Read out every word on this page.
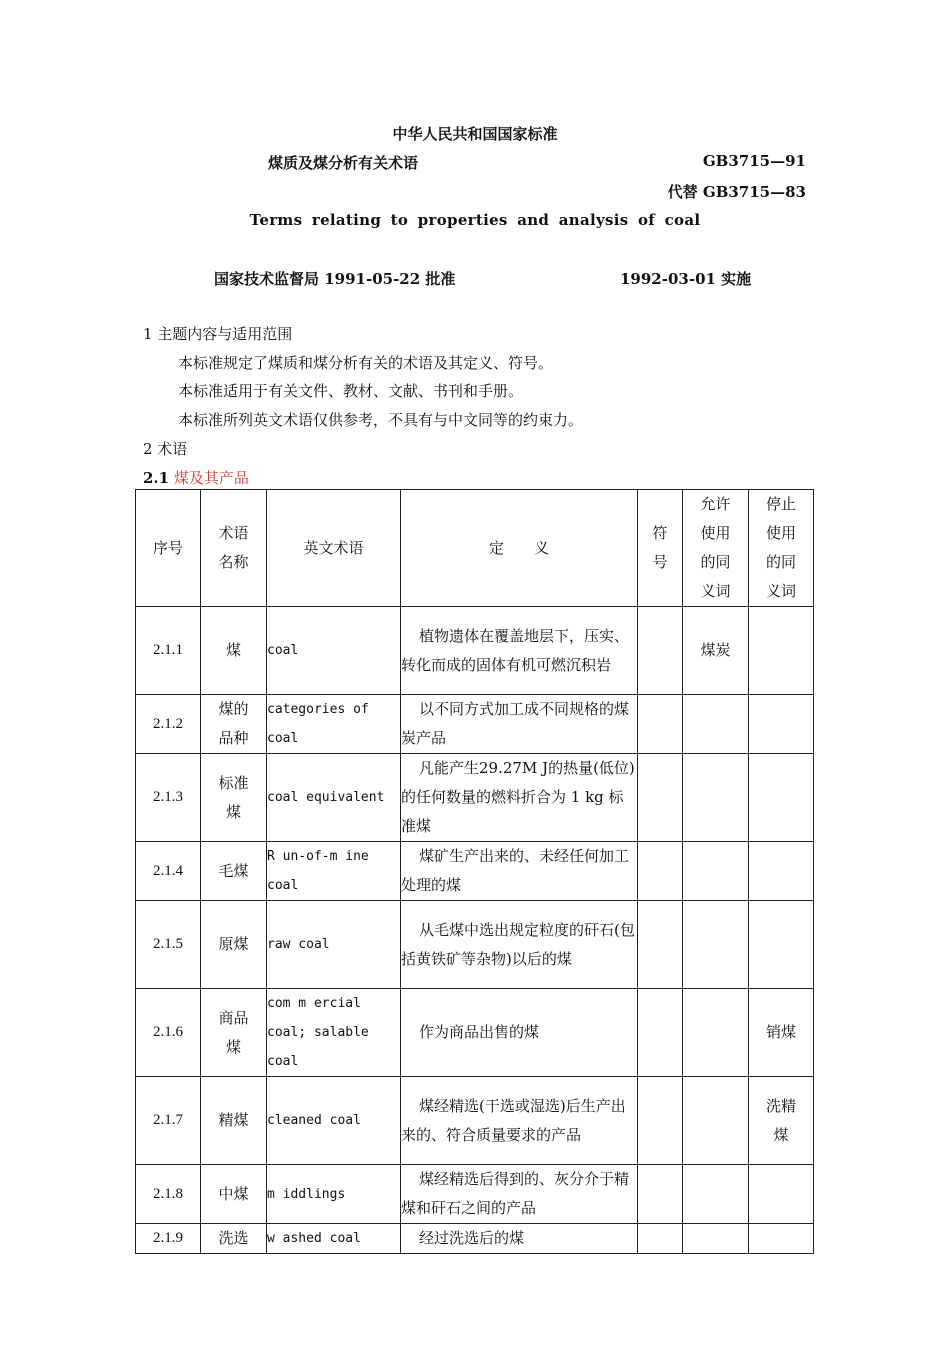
中华人民共和国国家标准
煤质及煤分析有关术语	GB3715—91
代替 GB3715—83
Terms relating to properties and analysis of coal
国家技术监督局 1991-05-22 批准	1992-03-01 实施
1 主题内容与适用范围
本标准规定了煤质和煤分析有关的术语及其定义、符号。
本标准适用于有关文件、教材、文献、书刊和手册。
本标准所列英文术语仅供参考，不具有与中文同等的约束力。
2 术语
2.1 煤及其产品
序号	术语名称	英文术语	定　　义	符号	允许使用的同义词	停止使用的同义词
2.1.1	煤	coal	植物遗体在覆盖地层下，压实、转化而成的固体有机可燃沉积岩		煤炭	
2.1.2	煤的品种	categories of coal	以不同方式加工成不同规格的煤炭产品			
2.1.3	标准煤	coal equivalent	凡能产生29.27M J的热量(低位)的任何数量的燃料折合为 1 kg 标准煤			
2.1.4	毛煤	R un-of-m ine coal	煤矿生产出来的、未经任何加工处理的煤			
2.1.5	原煤	raw coal	从毛煤中选出规定粒度的矸石(包括黄铁矿等杂物)以后的煤			
2.1.6	商品煤	com m ercial coal; salable coal	作为商品出售的煤			销煤
2.1.7	精煤	cleaned coal	煤经精选(干选或湿选)后生产出来的、符合质量要求的产品			洗精煤
2.1.8	中煤	m iddlings	煤经精选后得到的、灰分介于精煤和矸石之间的产品			
2.1.9	洗选	w ashed coal	经过洗选后的煤			
